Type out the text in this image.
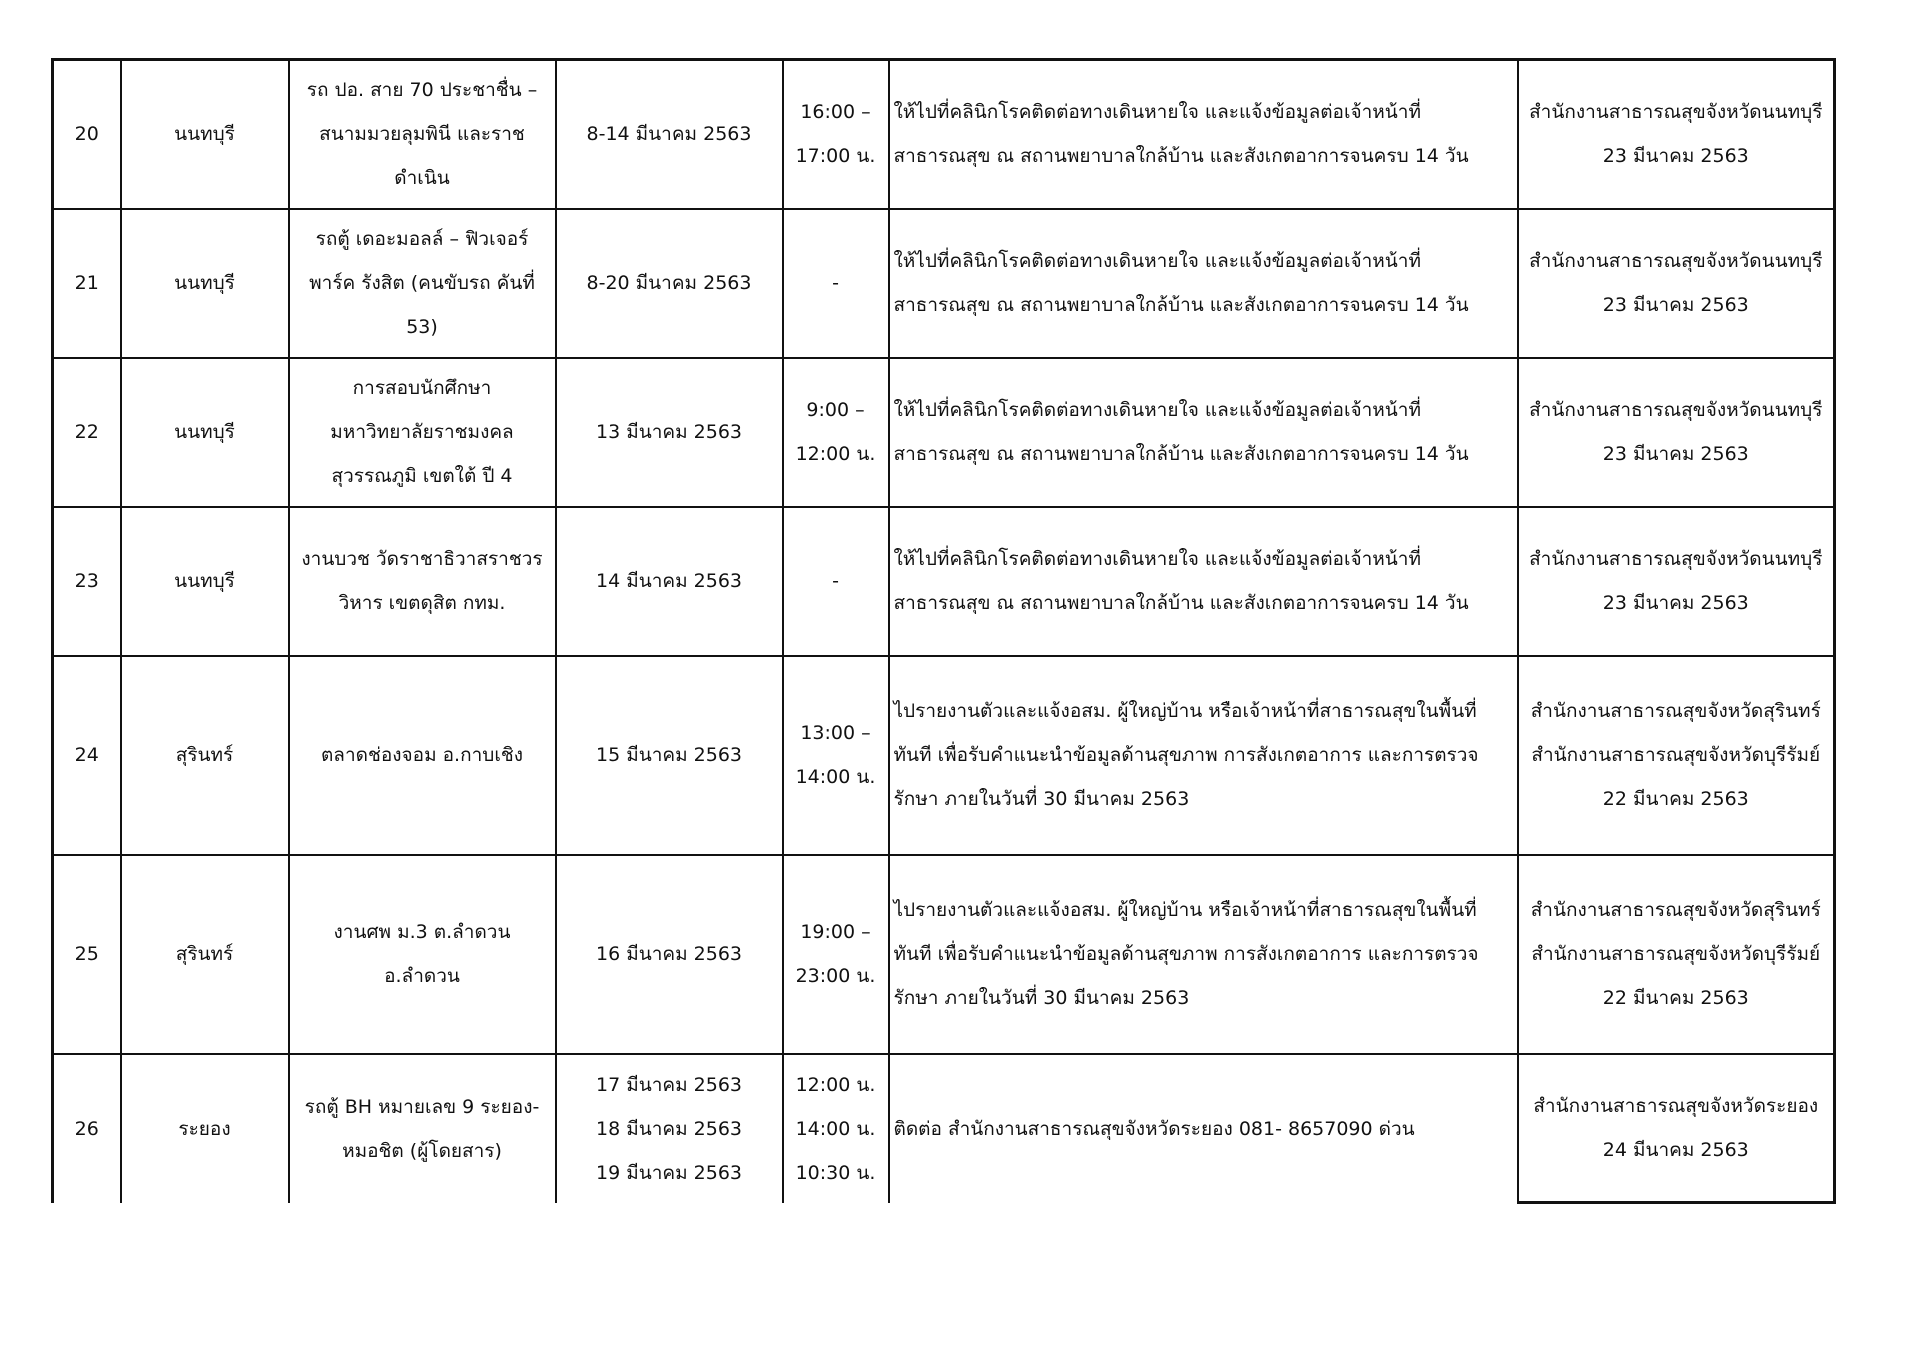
20	นนทบุรี	รถ ปอ. สาย 70 ประชาชื่น –
สนามมวยลุมพินี และราช
ดำเนิน	8-14 มีนาคม 2563	16:00 –
17:00 น.	ให้ไปที่คลินิกโรคติดต่อทางเดินหายใจ และแจ้งข้อมูลต่อเจ้าหน้าที่
สาธารณสุข ณ สถานพยาบาลใกล้บ้าน และสังเกตอาการจนครบ 14 วัน	สำนักงานสาธารณสุขจังหวัดนนทบุรี
23 มีนาคม 2563

21	นนทบุรี	รถตู้ เดอะมอลล์ – ฟิวเจอร์
พาร์ค รังสิต (คนขับรถ คันที่
53)	8-20 มีนาคม 2563	-	ให้ไปที่คลินิกโรคติดต่อทางเดินหายใจ และแจ้งข้อมูลต่อเจ้าหน้าที่
สาธารณสุข ณ สถานพยาบาลใกล้บ้าน และสังเกตอาการจนครบ 14 วัน	สำนักงานสาธารณสุขจังหวัดนนทบุรี
23 มีนาคม 2563

22	นนทบุรี	การสอบนักศึกษา
มหาวิทยาลัยราชมงคล
สุวรรณภูมิ เขตใต้ ปี 4	13 มีนาคม 2563	9:00 –
12:00 น.	ให้ไปที่คลินิกโรคติดต่อทางเดินหายใจ และแจ้งข้อมูลต่อเจ้าหน้าที่
สาธารณสุข ณ สถานพยาบาลใกล้บ้าน และสังเกตอาการจนครบ 14 วัน	สำนักงานสาธารณสุขจังหวัดนนทบุรี
23 มีนาคม 2563

23	นนทบุรี	งานบวช วัดราชาธิวาสราชวร
วิหาร เขตดุสิต กทม.	14 มีนาคม 2563	-	ให้ไปที่คลินิกโรคติดต่อทางเดินหายใจ และแจ้งข้อมูลต่อเจ้าหน้าที่
สาธารณสุข ณ สถานพยาบาลใกล้บ้าน และสังเกตอาการจนครบ 14 วัน	สำนักงานสาธารณสุขจังหวัดนนทบุรี
23 มีนาคม 2563

24	สุรินทร์	ตลาดช่องจอม อ.กาบเชิง	15 มีนาคม 2563	13:00 –
14:00 น.	ไปรายงานตัวและแจ้งอสม. ผู้ใหญ่บ้าน หรือเจ้าหน้าที่สาธารณสุขในพื้นที่
ทันที เพื่อรับคำแนะนำข้อมูลด้านสุขภาพ การสังเกตอาการ และการตรวจ
รักษา ภายในวันที่ 30 มีนาคม 2563	สำนักงานสาธารณสุขจังหวัดสุรินทร์
สำนักงานสาธารณสุขจังหวัดบุรีรัมย์
22 มีนาคม 2563

25	สุรินทร์	งานศพ ม.3 ต.ลำดวน
อ.ลำดวน	16 มีนาคม 2563	19:00 –
23:00 น.	ไปรายงานตัวและแจ้งอสม. ผู้ใหญ่บ้าน หรือเจ้าหน้าที่สาธารณสุขในพื้นที่
ทันที เพื่อรับคำแนะนำข้อมูลด้านสุขภาพ การสังเกตอาการ และการตรวจ
รักษา ภายในวันที่ 30 มีนาคม 2563	สำนักงานสาธารณสุขจังหวัดสุรินทร์
สำนักงานสาธารณสุขจังหวัดบุรีรัมย์
22 มีนาคม 2563

26	ระยอง	รถตู้ BH หมายเลข 9 ระยอง-
หมอชิต (ผู้โดยสาร)	17 มีนาคม 2563
18 มีนาคม 2563
19 มีนาคม 2563	12:00 น.
14:00 น.
10:30 น.	ติดต่อ สำนักงานสาธารณสุขจังหวัดระยอง 081- 8657090 ด่วน	สำนักงานสาธารณสุขจังหวัดระยอง
24 มีนาคม 2563
